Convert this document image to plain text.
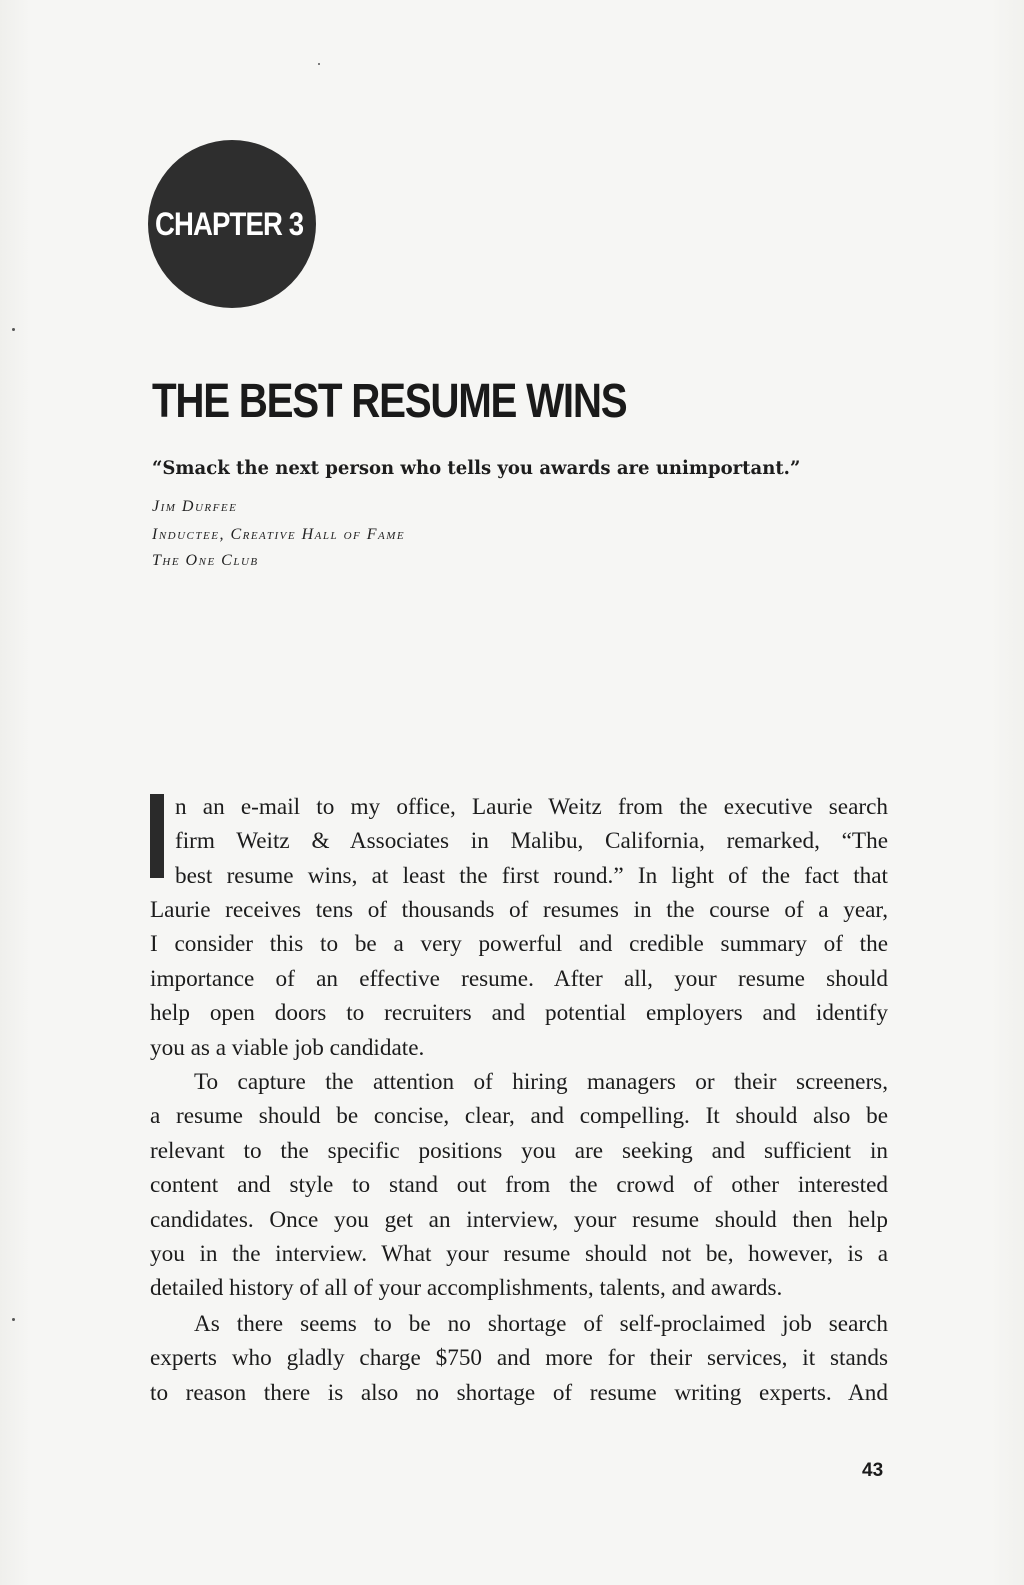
CHAPTER 3
THE BEST RESUME WINS
“Smack the next person who tells you awards are unimportant.”
Jim Durfee
Inductee, Creative Hall of Fame
The One Club
n an e-mail to my office, Laurie Weitz from the executive search
firm Weitz & Associates in Malibu, California, remarked, “The
best resume wins, at least the first round.” In light of the fact that
Laurie receives tens of thousands of resumes in the course of a year,
I consider this to be a very powerful and credible summary of the
importance of an effective resume. After all, your resume should
help open doors to recruiters and potential employers and identify
you as a viable job candidate.
To capture the attention of hiring managers or their screeners,
a resume should be concise, clear, and compelling. It should also be
relevant to the specific positions you are seeking and sufficient in
content and style to stand out from the crowd of other interested
candidates. Once you get an interview, your resume should then help
you in the interview. What your resume should not be, however, is a
detailed history of all of your accomplishments, talents, and awards.
As there seems to be no shortage of self-proclaimed job search
experts who gladly charge $750 and more for their services, it stands
to reason there is also no shortage of resume writing experts. And
43
